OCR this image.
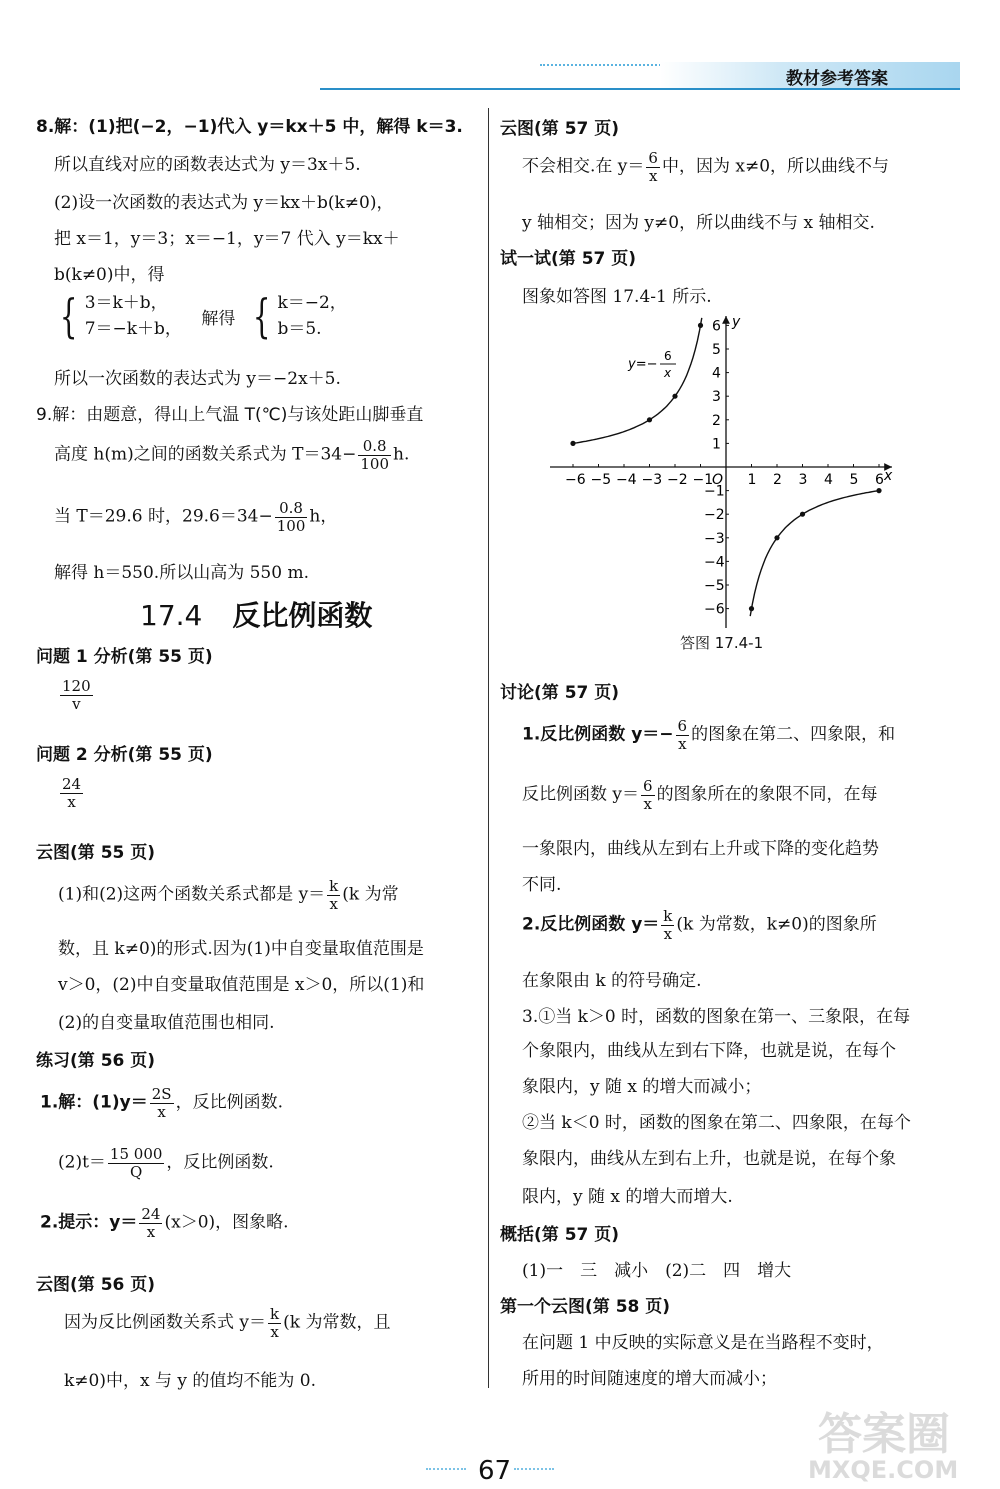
教材参考答案
8.解：(1)把(−2，−1)代入 y＝kx＋5 中，解得 k＝3.
所以直线对应的函数表达式为 y＝3x＋5.
(2)设一次函数的表达式为 y＝kx＋b(k≠0)，
把 x＝1，y＝3；x＝−1，y＝7 代入 y＝kx＋
b(k≠0)中，得
{ 3＝k＋b，
7＝−k＋b， 解得 { k＝−2，
b＝5.
所以一次函数的表达式为 y＝−2x＋5.
9.解：由题意，得山上气温 T(℃)与该处距山脚垂直
高度 h(m)之间的函数关系式为 $T=34- \frac{0.8}{100} h$.
当 T＝29.6 时，$29.6=34- \frac{0.8}{100}$ h，
解得 h＝550.所以山高为 550 m.
17.4 反比例函数
问题 1 分析(第 55 页)
$\frac{120}{v}$
问题 2 分析(第 55 页)
$\frac{24}{x}$
云图(第 55 页)
(1)和(2)这两个函数关系式都是 $y= \frac{k}{x} (k$ 为常
数，且 k≠0)的形式.因为(1)中自变量取值范围是
v＞0，(2)中自变量取值范围是 x＞0，所以(1)和
(2)的自变量取值范围也相同.
练习(第 56 页)
1.解：$(1)y= \frac{2S}{x}$ ，反比例函数.
$(2)t= \frac{15 000}{Q}$ ，反比例函数.
2.提示：$y= \frac{24}{x} (x>0)$，图象略.
云图(第 56 页)
因为反比例函数关系式 $y= \frac{k}{x} (k$ 为常数，且
k≠0)中，x 与 y 的值均不能为 0.
云图(第 57 页)
不会相交.在 $y= \frac{6}{x}$ 中，因为 x≠0，所以曲线不与
y 轴相交；因为 y≠0，所以曲线不与 x 轴相交.
试一试(第 57 页)
图象如答图 17.4-1 所示.
x
y
O
y=−
6
x
−6 −5 −4 −3 −2 −1 1 2 3 4 5 6
−6
−5
−4
−3
−2
−1
1
2
3
4
5
6
答图 17.4-1
讨论(第 57 页)
1.反比例函数 $y=- \frac{6}{x}$ 的图象在第二、四象限，和
反比例函数 $y= \frac{6}{x}$ 的图象所在的象限不同，在每
一象限内，曲线从左到右上升或下降的变化趋势
不同.
2.反比例函数 $y= \frac{k}{x} (k$ 为常数，k≠0)的图象所
在象限由 k 的符号确定.
3.①当 k＞0 时，函数的图象在第一、三象限，在每
个象限内，曲线从左到右下降，也就是说，在每个
象限内，y 随 x 的增大而减小；
②当 k＜0 时，函数的图象在第二、四象限，在每个
象限内，曲线从左到右上升，也就是说，在每个象
限内，y 随 x 的增大而增大.
概括(第 57 页)
(1)一　三　减小　(2)二　四　增大
第一个云图(第 58 页)
在问题 1 中反映的实际意义是在当路程不变时，
所用的时间随速度的增大而减小；
67
答案圈
MXQE.COM
